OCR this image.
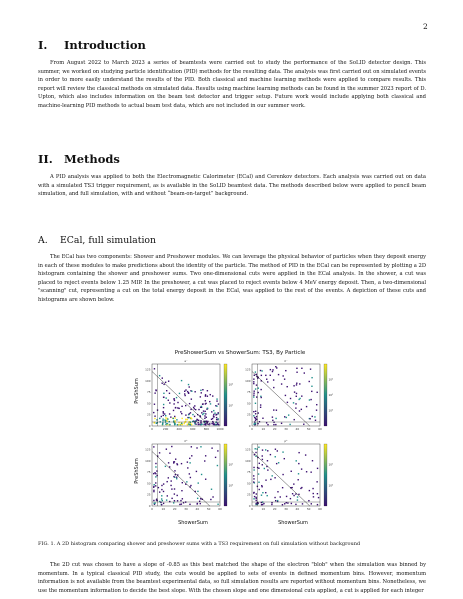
2
I. Introduction

From August 2022 to March 2023 a series of beamtests were carried out to study the performance of the SoLID detector design. This summer, we worked on studying particle identification (PID) methods for the resulting data. The analysis was first carried out on simulated events in order to more easily understand the results of the PID. Both classical and machine learning methods were applied to compare results. This report will review the classical methods on simulated data. Results using machine learning methods can be found in the summer 2023 report of D. Upton, which also includes information on the beam test detector and trigger setup. Future work would include applying both classical and machine-learning PID methods to actual beam test data, which are not included in our summer work.

II. Methods

A PID analysis was applied to both the Electromagnetic Calorimeter (ECal) and Cerenkov detectors. Each analysis was carried out on data with a simulated TS3 trigger requirement, as is available in the SoLID beamtest data. The methods described below were applied to pencil beam simulation, and full simulation, with and without “beam-on-target” background.

A. ECal, full simulation

The ECal has two components: Shower and Preshower modules. We can leverage the physical behavior of particles when they deposit energy in each of these modules to make predictions about the identity of the particle. The method of PID in the ECal can be represented by plotting a 2D histogram containing the shower and preshower sums. Two one-dimensional cuts were applied in the ECal analysis. In the shower, a cut was placed to reject events below 1.25 MIP. In the preshower, a cut was placed to reject events below 4 MeV energy deposit. Then, a two-dimensional "scanning" cut, representing a cut on the total energy deposit in the ECal, was applied to the rest of the events. A depiction of these cuts and histograms are shown below.

PreShowerSum vs ShowerSum: TS3, By Particle
e⁻
0
25
50
75
100
125
0	200	400	600	800	1000
10¹
10²
π⁻
0
25
50
75
100
125
0	10	20	30	40	50	60
10⁰
10¹
10²
π⁺
0
25
50
75
100
125
0	10	20	30	40	50	60
10⁰
10¹
p⁺
0
25
50
75
100
125
0	10	20	30	40	50	60
10⁰
10¹
PreShSum
PreShSum
ShowerSum	ShowerSum

FIG. 1. A 2D histogram comparing shower and preshower sums with a TS3 requirement on full simulation without background

The 2D cut was chosen to have a slope of -0.85 as this best matched the shape of the electron "blob" when the simulation was binned by momentum. In a typical classical PID study, the cuts would be applied to sets of events in defined momentum bins. However, momentum information is not available from the beamtest experimental data, so full simulation results are reported without momentum bins. Nonetheless, we use the momentum information to decide the best slope. With the chosen slope and one dimensional cuts applied, a cut is applied for each integer
